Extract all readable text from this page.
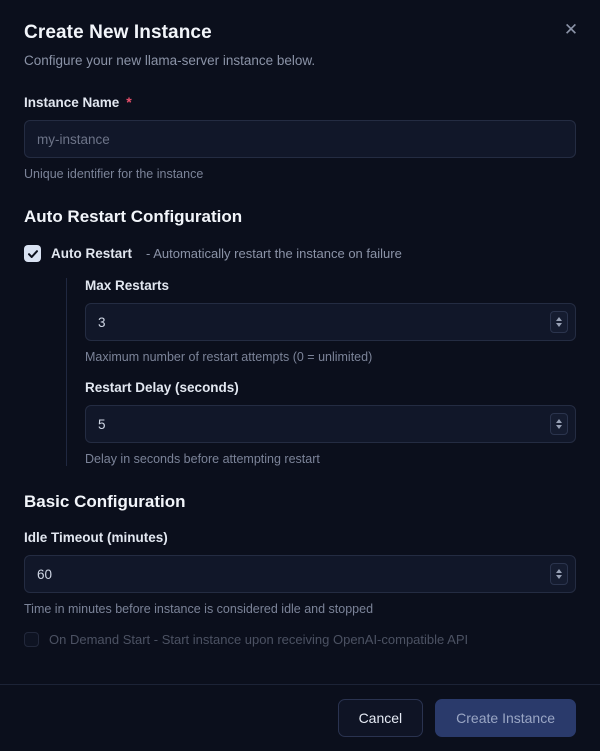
✕
Create New Instance
Configure your new llama-server instance below.
Instance Name *
my-instance
Unique identifier for the instance
Auto Restart Configuration
Auto Restart - Automatically restart the instance on failure
Max Restarts
3
Maximum number of restart attempts (0 = unlimited)
Restart Delay (seconds)
5
Delay in seconds before attempting restart
Basic Configuration
Idle Timeout (minutes)
60
Time in minutes before instance is considered idle and stopped
On Demand Start - Start instance upon receiving OpenAI-compatible API
Cancel	Create Instance
